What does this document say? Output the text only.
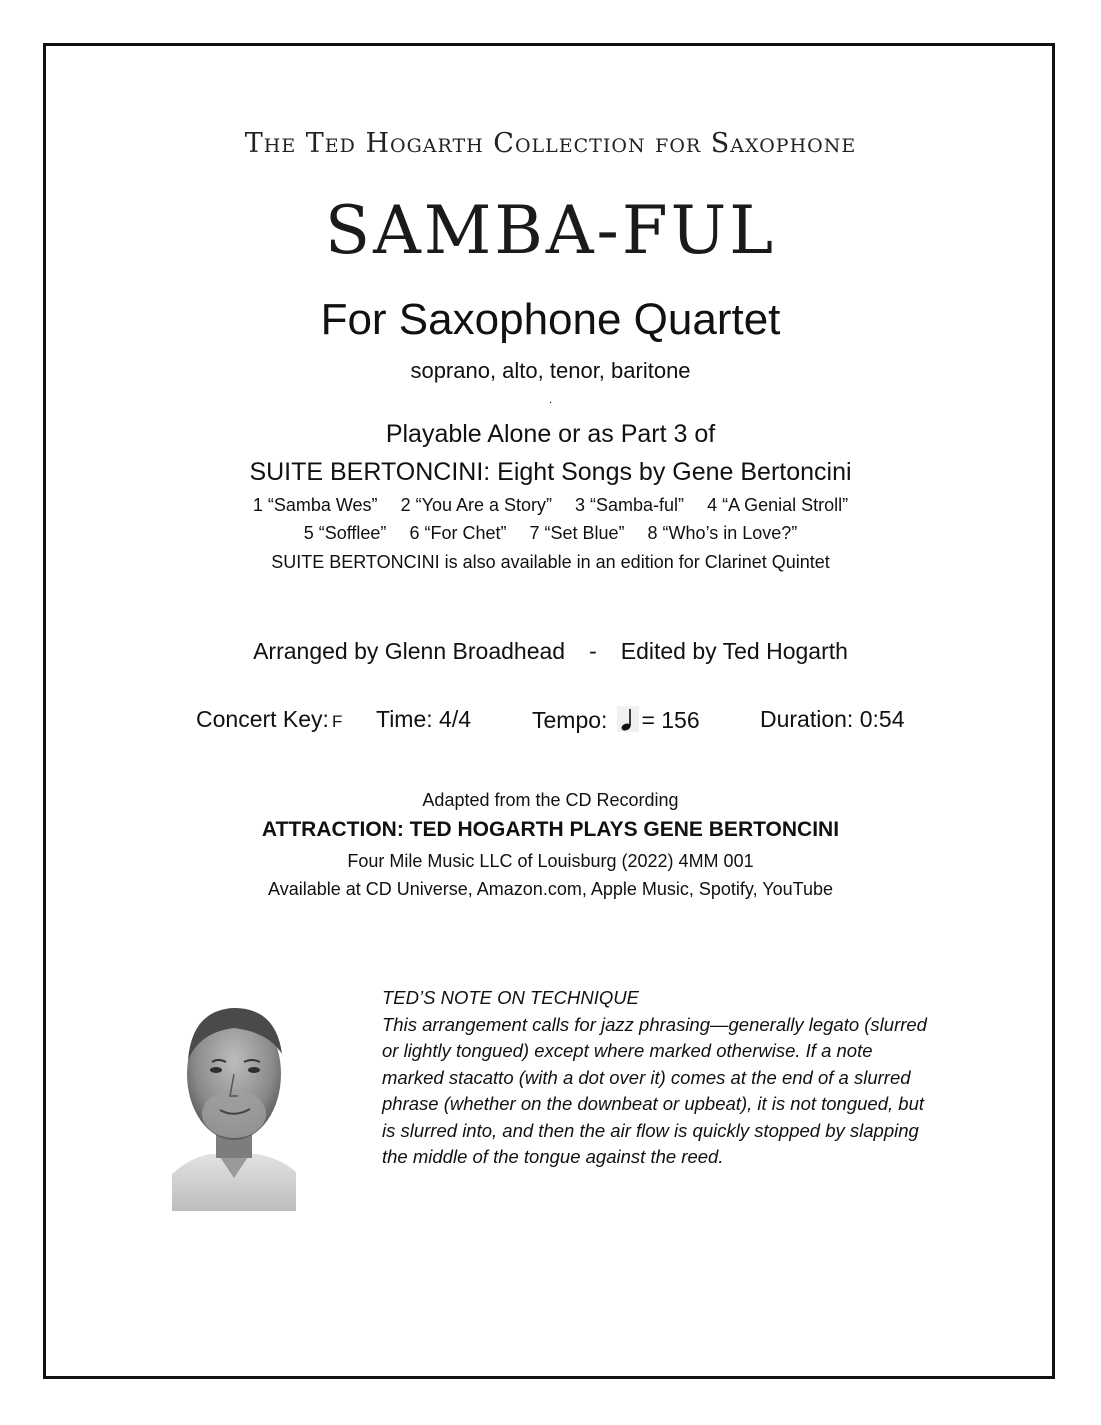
The Ted Hogarth Collection for Saxophone
SAMBA-FUL
For Saxophone Quartet
soprano, alto, tenor, baritone
.
Playable Alone or as Part 3 of
SUITE BERTONCINI: Eight Songs by Gene Bertoncini
1 “Samba Wes” 2 “You Are a Story” 3 “Samba-ful” 4 “A Genial Stroll”
5 “Sofflee” 6 “For Chet” 7 “Set Blue” 8 “Who’s in Love?”
SUITE BERTONCINI is also available in an edition for Clarinet Quintet
Arranged by Glenn Broadhead - Edited by Ted Hogarth
Concert Key: F Time: 4/4	Tempo: = 156	Duration: 0:54
Adapted from the CD Recording
ATTRACTION: TED HOGARTH PLAYS GENE BERTONCINI
Four Mile Music LLC of Louisburg (2022) 4MM 001
Available at CD Universe, Amazon.com, Apple Music, Spotify, YouTube
TED’S NOTE ON TECHNIQUE
This arrangement calls for jazz phrasing—generally legato (slurred
or lightly tongued) except where marked otherwise. If a note
marked stacatto (with a dot over it) comes at the end of a slurred
phrase (whether on the downbeat or upbeat), it is not tongued, but
is slurred into, and then the air flow is quickly stopped by slapping
the middle of the tongue against the reed.
